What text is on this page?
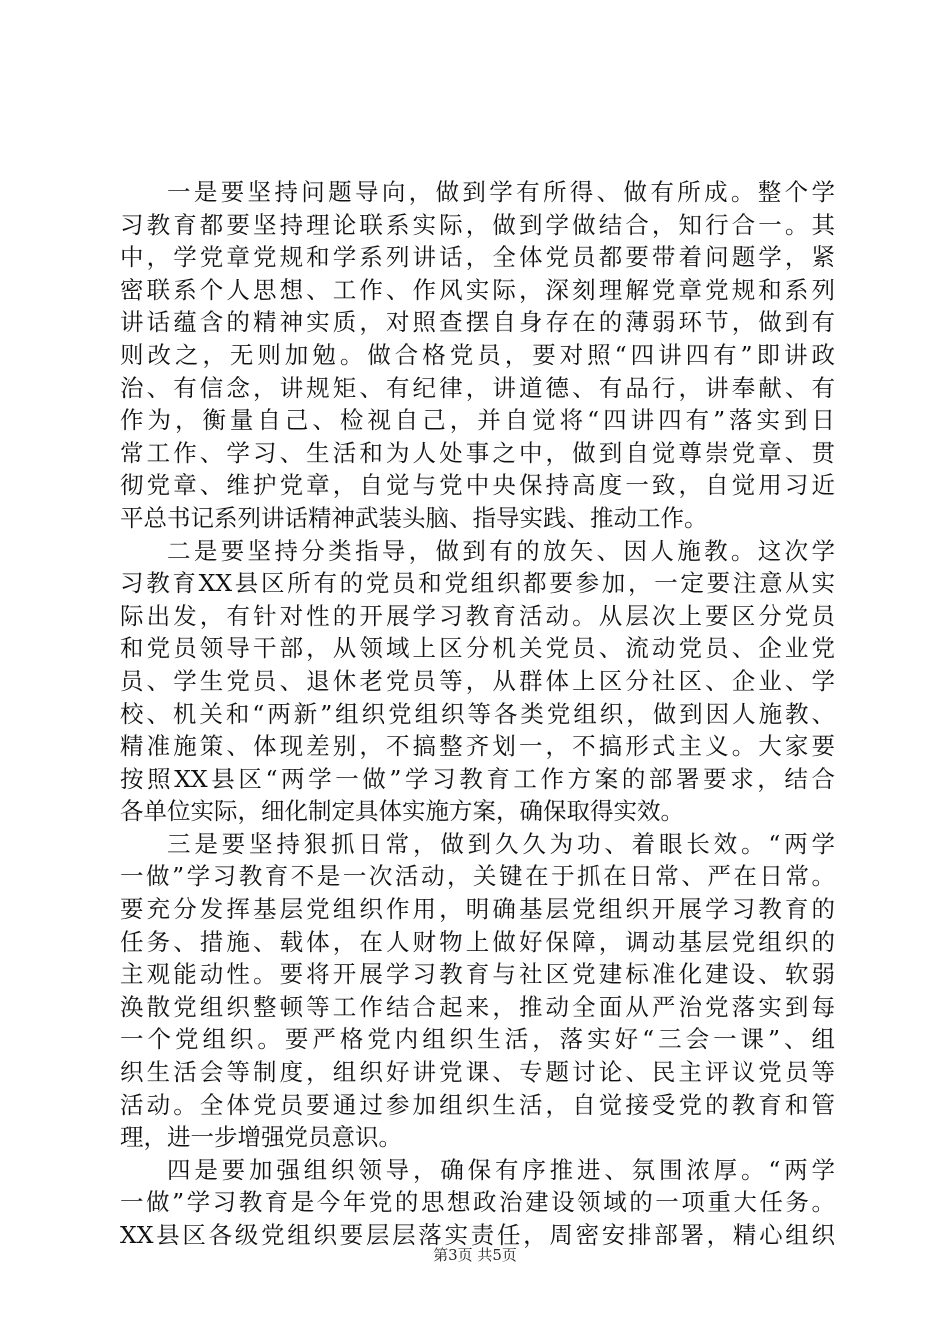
一是要坚持问题导向，做到学有所得、做有所成。整个学
习教育都要坚持理论联系实际，做到学做结合，知行合一。其
中，学党章党规和学系列讲话，全体党员都要带着问题学，紧
密联系个人思想、工作、作风实际，深刻理解党章党规和系列
讲话蕴含的精神实质，对照查摆自身存在的薄弱环节，做到有
则改之，无则加勉。做合格党员，要对照“四讲四有”即讲政
治、有信念，讲规矩、有纪律，讲道德、有品行，讲奉献、有
作为，衡量自己、检视自己，并自觉将“四讲四有”落实到日
常工作、学习、生活和为人处事之中，做到自觉尊崇党章、贯
彻党章、维护党章，自觉与党中央保持高度一致，自觉用习近
平总书记系列讲话精神武装头脑、指导实践、推动工作。
二是要坚持分类指导，做到有的放矢、因人施教。这次学
习教育XX县区所有的党员和党组织都要参加，一定要注意从实
际出发，有针对性的开展学习教育活动。从层次上要区分党员
和党员领导干部，从领域上区分机关党员、流动党员、企业党
员、学生党员、退休老党员等，从群体上区分社区、企业、学
校、机关和“两新”组织党组织等各类党组织，做到因人施教、
精准施策、体现差别，不搞整齐划一，不搞形式主义。大家要
按照XX县区“两学一做”学习教育工作方案的部署要求，结合
各单位实际，细化制定具体实施方案，确保取得实效。
三是要坚持狠抓日常，做到久久为功、着眼长效。“两学
一做”学习教育不是一次活动，关键在于抓在日常、严在日常。
要充分发挥基层党组织作用，明确基层党组织开展学习教育的
任务、措施、载体，在人财物上做好保障，调动基层党组织的
主观能动性。要将开展学习教育与社区党建标准化建设、软弱
涣散党组织整顿等工作结合起来，推动全面从严治党落实到每
一个党组织。要严格党内组织生活，落实好“三会一课”、组
织生活会等制度，组织好讲党课、专题讨论、民主评议党员等
活动。全体党员要通过参加组织生活，自觉接受党的教育和管
理，进一步增强党员意识。
四是要加强组织领导，确保有序推进、氛围浓厚。“两学
一做”学习教育是今年党的思想政治建设领域的一项重大任务。
XX县区各级党组织要层层落实责任，周密安排部署，精心组织
第3页 共5页
